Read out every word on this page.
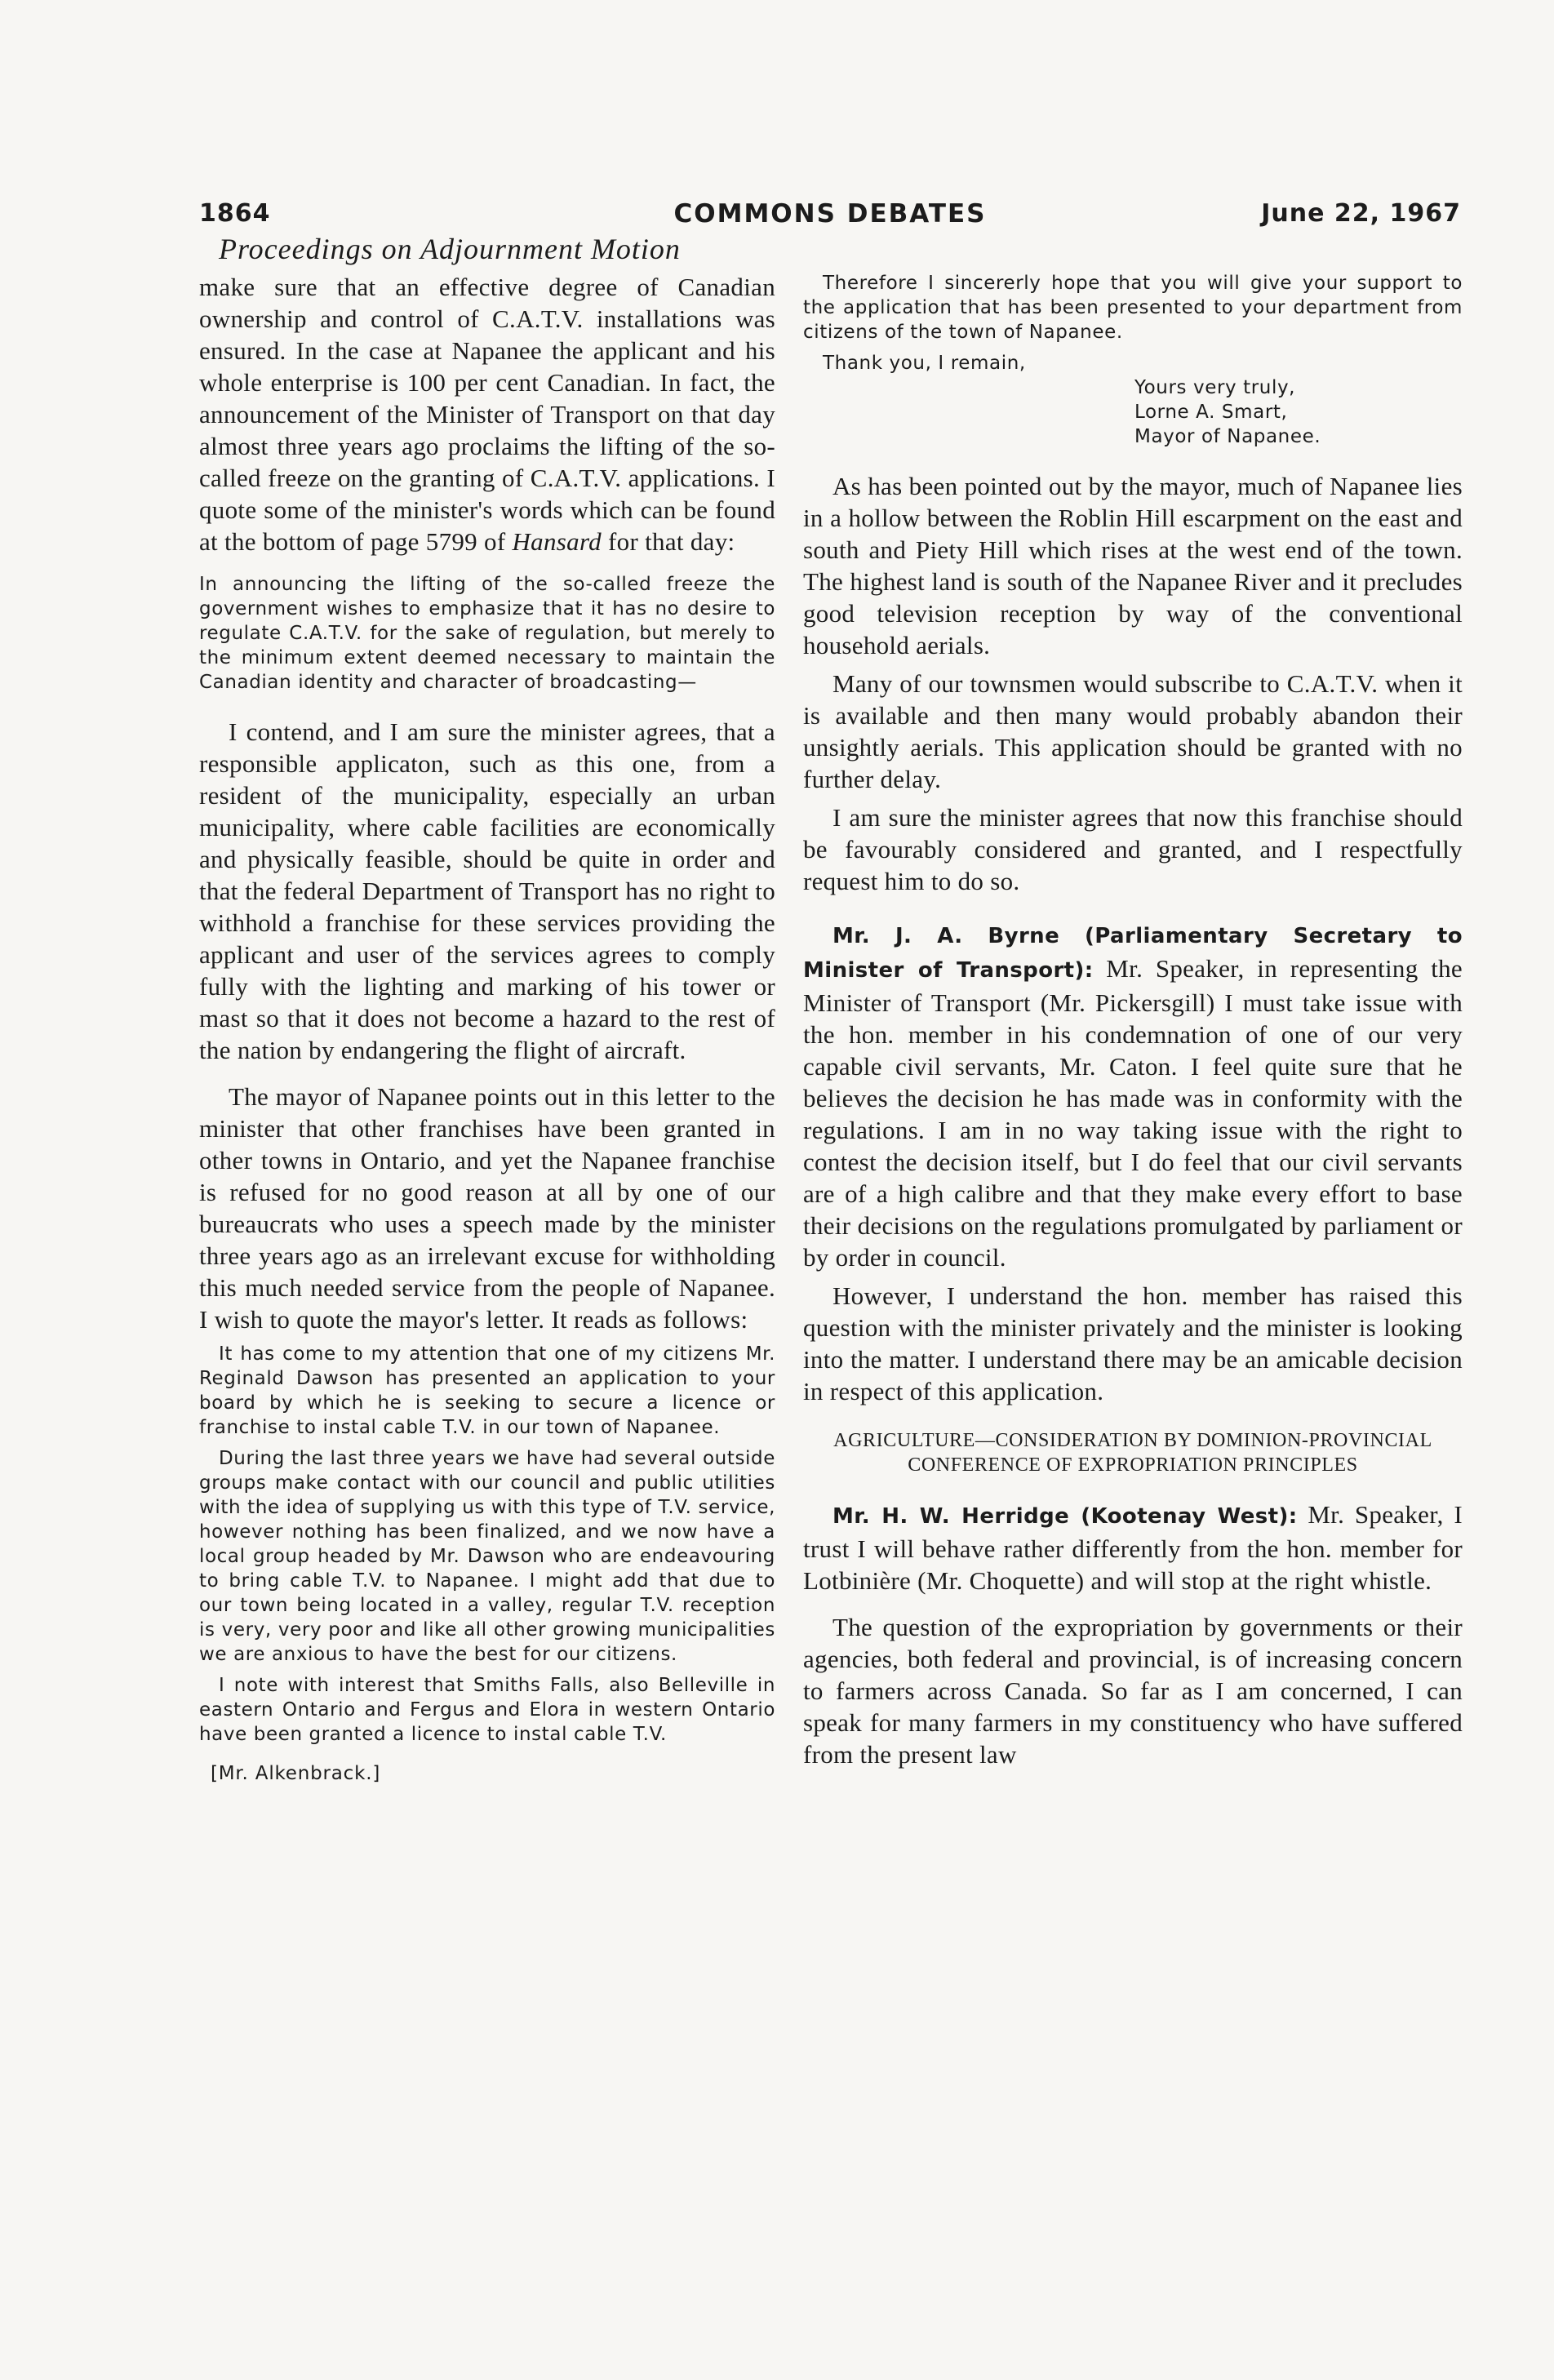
1864	COMMONS DEBATES	June 22, 1967
Proceedings on Adjournment Motion

make sure that an effective degree of Canadian ownership and control of C.A.T.V. installations was ensured. In the case at Napanee the applicant and his whole enterprise is 100 per cent Canadian. In fact, the announcement of the Minister of Transport on that day almost three years ago proclaims the lifting of the so-called freeze on the granting of C.A.T.V. applications. I quote some of the minister's words which can be found at the bottom of page 5799 of Hansard for that day:

In announcing the lifting of the so-called freeze the government wishes to emphasize that it has no desire to regulate C.A.T.V. for the sake of regulation, but merely to the minimum extent deemed necessary to maintain the Canadian identity and character of broadcasting—

I contend, and I am sure the minister agrees, that a responsible applicaton, such as this one, from a resident of the municipality, especially an urban municipality, where cable facilities are economically and physically feasible, should be quite in order and that the federal Department of Transport has no right to withhold a franchise for these services providing the applicant and user of the services agrees to comply fully with the lighting and marking of his tower or mast so that it does not become a hazard to the rest of the nation by endangering the flight of aircraft.

The mayor of Napanee points out in this letter to the minister that other franchises have been granted in other towns in Ontario, and yet the Napanee franchise is refused for no good reason at all by one of our bureaucrats who uses a speech made by the minister three years ago as an irrelevant excuse for withholding this much needed service from the people of Napanee. I wish to quote the mayor's letter. It reads as follows:

It has come to my attention that one of my citizens Mr. Reginald Dawson has presented an application to your board by which he is seeking to secure a licence or franchise to instal cable T.V. in our town of Napanee.

During the last three years we have had several outside groups make contact with our council and public utilities with the idea of supplying us with this type of T.V. service, however nothing has been finalized, and we now have a local group headed by Mr. Dawson who are endeavouring to bring cable T.V. to Napanee. I might add that due to our town being located in a valley, regular T.V. reception is very, very poor and like all other growing municipalities we are anxious to have the best for our citizens.

I note with interest that Smiths Falls, also Belleville in eastern Ontario and Fergus and Elora in western Ontario have been granted a licence to instal cable T.V.

[Mr. Alkenbrack.]

Therefore I sincererly hope that you will give your support to the application that has been presented to your department from citizens of the town of Napanee.

Thank you, I remain,

Yours very truly,

Lorne A. Smart,

Mayor of Napanee.

As has been pointed out by the mayor, much of Napanee lies in a hollow between the Roblin Hill escarpment on the east and south and Piety Hill which rises at the west end of the town. The highest land is south of the Napanee River and it precludes good television reception by way of the conventional household aerials.

Many of our townsmen would subscribe to C.A.T.V. when it is available and then many would probably abandon their unsightly aerials. This application should be granted with no further delay.

I am sure the minister agrees that now this franchise should be favourably considered and granted, and I respectfully request him to do so.

Mr. J. A. Byrne (Parliamentary Secretary to Minister of Transport): Mr. Speaker, in representing the Minister of Transport (Mr. Pickersgill) I must take issue with the hon. member in his condemnation of one of our very capable civil servants, Mr. Caton. I feel quite sure that he believes the decision he has made was in conformity with the regulations. I am in no way taking issue with the right to contest the decision itself, but I do feel that our civil servants are of a high calibre and that they make every effort to base their decisions on the regulations promulgated by parliament or by order in council.

However, I understand the hon. member has raised this question with the minister privately and the minister is looking into the matter. I understand there may be an amicable decision in respect of this application.

AGRICULTURE—CONSIDERATION BY DOMINION-PROVINCIAL CONFERENCE OF EXPROPRIATION PRINCIPLES

Mr. H. W. Herridge (Kootenay West): Mr. Speaker, I trust I will behave rather differently from the hon. member for Lotbinière (Mr. Choquette) and will stop at the right whistle.

The question of the expropriation by governments or their agencies, both federal and provincial, is of increasing concern to farmers across Canada. So far as I am concerned, I can speak for many farmers in my constituency who have suffered from the present law
